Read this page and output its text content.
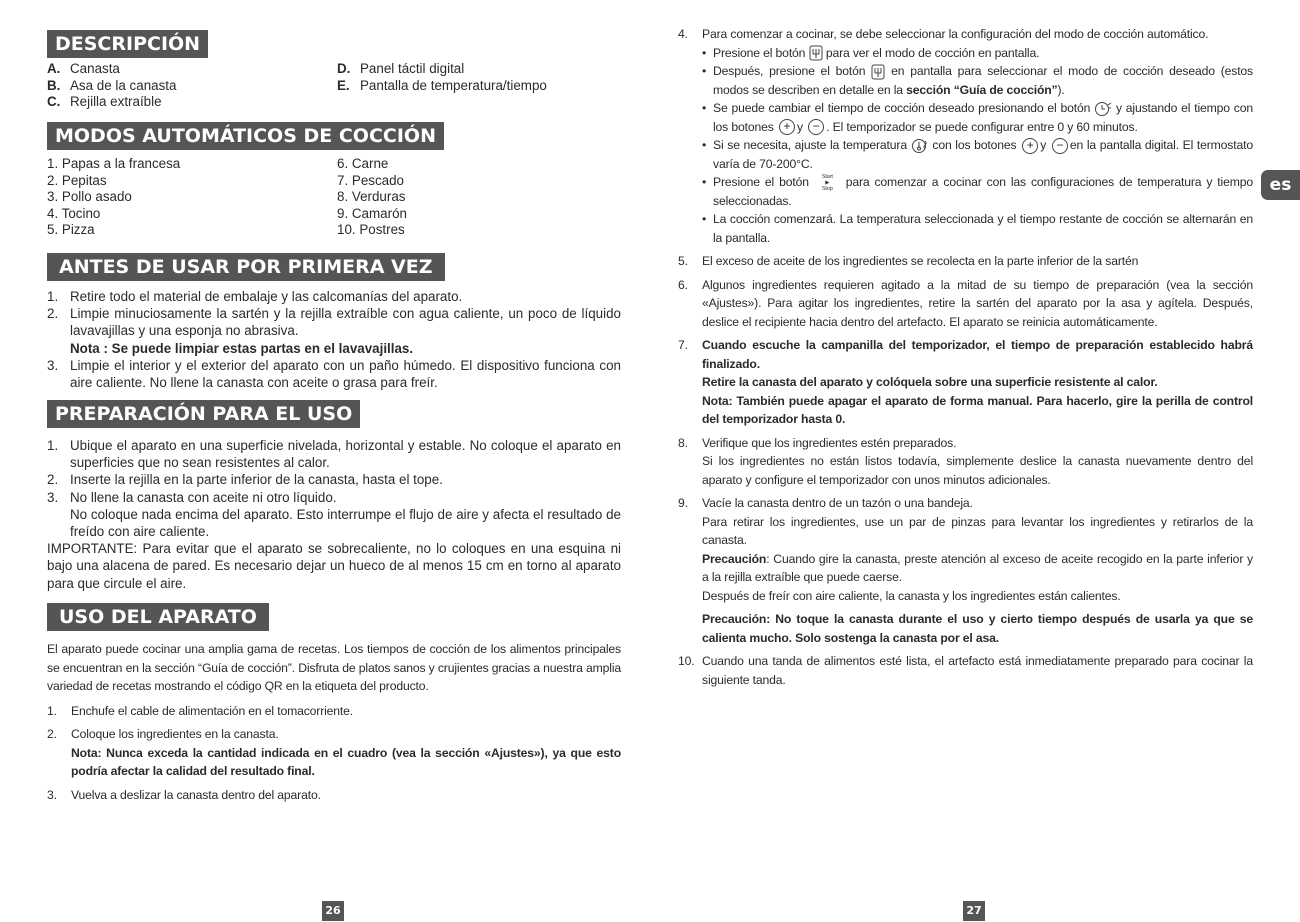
DESCRIPCIÓN
A. Canasta	D. Panel táctil digital
B. Asa de la canasta	E. Pantalla de temperatura/tiempo
C. Rejilla extraíble
MODOS AUTOMÁTICOS DE COCCIÓN
1. Papas a la francesa	6. Carne
2. Pepitas	7. Pescado
3. Pollo asado	8. Verduras
4. Tocino	9. Camarón
5. Pizza	10. Postres
ANTES DE USAR POR PRIMERA VEZ
1. Retire todo el material de embalaje y las calcomanías del aparato.
2. Limpie minuciosamente la sartén y la rejilla extraíble con agua caliente, un poco de líquido lavavajillas y una esponja no abrasiva.
Nota : Se puede limpiar estas partas en el lavavajillas.
3. Limpie el interior y el exterior del aparato con un paño húmedo. El dispositivo funciona con aire caliente. No llene la canasta con aceite o grasa para freír.
PREPARACIÓN PARA EL USO
1. Ubique el aparato en una superficie nivelada, horizontal y estable. No coloque el aparato en superficies que no sean resistentes al calor.
2. Inserte la rejilla en la parte inferior de la canasta, hasta el tope.
3. No llene la canasta con aceite ni otro líquido.
No coloque nada encima del aparato. Esto interrumpe el flujo de aire y afecta el resultado de freído con aire caliente.
IMPORTANTE: Para evitar que el aparato se sobrecaliente, no lo coloques en una esquina ni bajo una alacena de pared. Es necesario dejar un hueco de al menos 15 cm en torno al aparato para que circule el aire.
USO DEL APARATO
El aparato puede cocinar una amplia gama de recetas. Los tiempos de cocción de los alimentos principales se encuentran en la sección “Guía de cocción”. Disfruta de platos sanos y crujientes gracias a nuestra amplia variedad de recetas mostrando el código QR en la etiqueta del producto.
1.	Enchufe el cable de alimentación en el tomacorriente.
2.	Coloque los ingredientes en la canasta.
Nota: Nunca exceda la cantidad indicada en el cuadro (vea la sección «Ajustes»), ya que esto podría afectar la calidad del resultado final.
3.	Vuelva a deslizar la canasta dentro del aparato.
26
4.	Para comenzar a cocinar, se debe seleccionar la configuración del modo de cocción automático.
• Presione el botón para ver el modo de cocción en pantalla.
• Después, presione el botón en pantalla para seleccionar el modo de cocción deseado (estos modos se describen en detalle en la sección “Guía de cocción”).
• Se puede cambiar el tiempo de cocción deseado presionando el botón y ajustando el tiempo con los botones + y − . El temporizador se puede configurar entre 0 y 60 minutos.
• Si se necesita, ajuste la temperatura con los botones + y − en la pantalla digital. El termostato varía de 70-200°C.
• Presione el botón Start
▶
Stop para comenzar a cocinar con las configuraciones de temperatura y tiempo seleccionadas.
• La cocción comenzará. La temperatura seleccionada y el tiempo restante de cocción se alternarán en la pantalla.
5.	El exceso de aceite de los ingredientes se recolecta en la parte inferior de la sartén
6.	Algunos ingredientes requieren agitado a la mitad de su tiempo de preparación (vea la sección «Ajustes»). Para agitar los ingredientes, retire la sartén del aparato por la asa y agítela. Después, deslice el recipiente hacia dentro del artefacto. El aparato se reinicia automáticamente.
7.	Cuando escuche la campanilla del temporizador, el tiempo de preparación establecido habrá finalizado.
Retire la canasta del aparato y colóquela sobre una superficie resistente al calor.
Nota: También puede apagar el aparato de forma manual. Para hacerlo, gire la perilla de control del temporizador hasta 0.
8.	Verifique que los ingredientes estén preparados.
Si los ingredientes no están listos todavía, simplemente deslice la canasta nuevamente dentro del aparato y configure el temporizador con unos minutos adicionales.
9.	Vacíe la canasta dentro de un tazón o una bandeja.
Para retirar los ingredientes, use un par de pinzas para levantar los ingredientes y retirarlos de la canasta.
Precaución: Cuando gire la canasta, preste atención al exceso de aceite recogido en la parte inferior y a la rejilla extraíble que puede caerse.
Después de freír con aire caliente, la canasta y los ingredientes están calientes.
Precaución: No toque la canasta durante el uso y cierto tiempo después de usarla ya que se calienta mucho. Solo sostenga la canasta por el asa.
10. Cuando una tanda de alimentos esté lista, el artefacto está inmediatamente preparado para cocinar la siguiente tanda.
27
es
